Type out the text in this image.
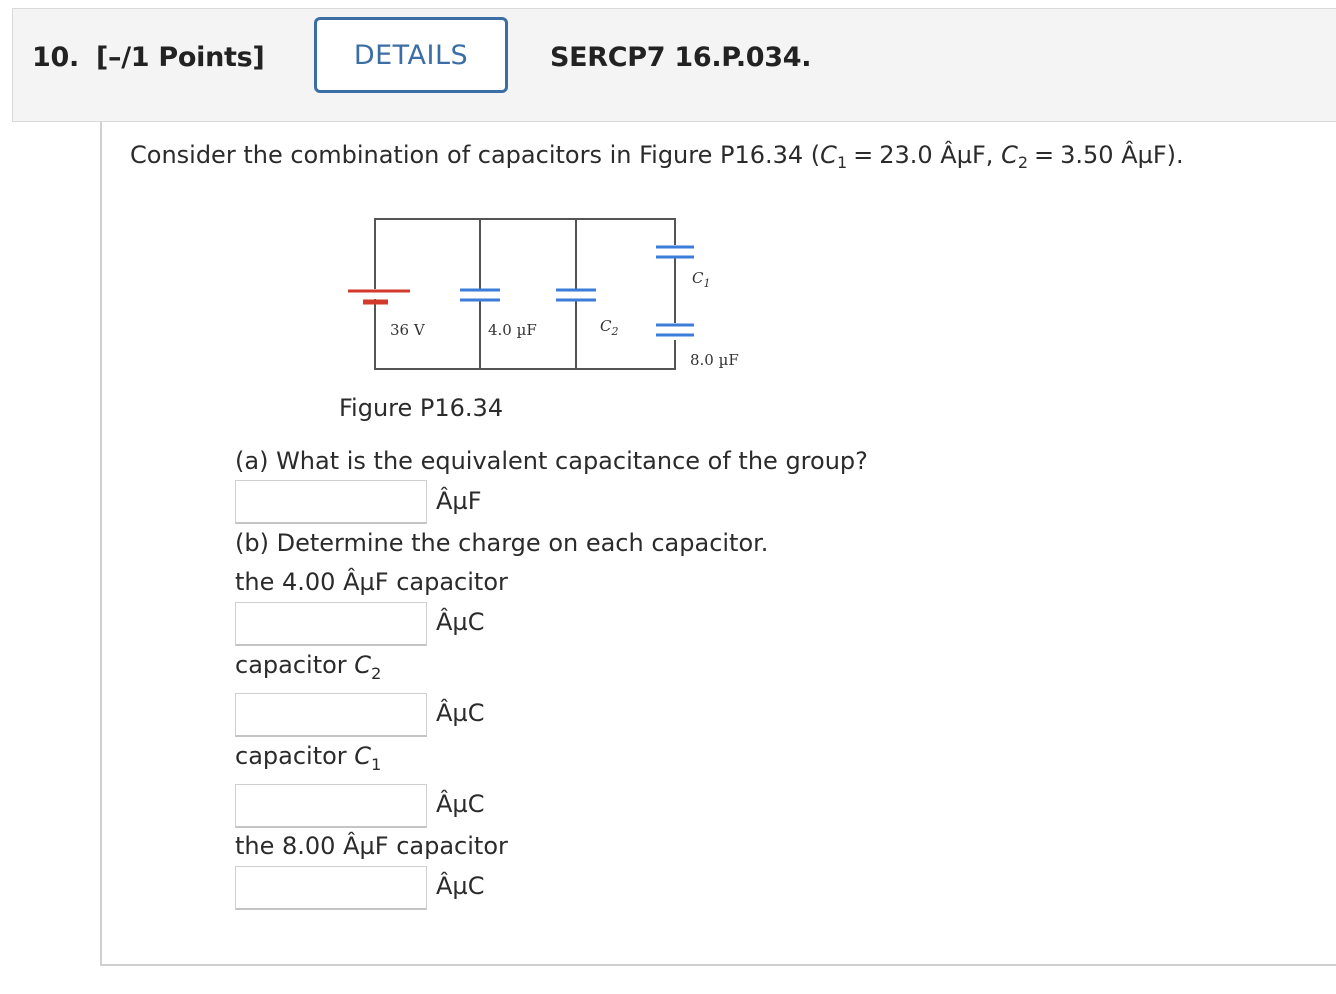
10. [–/1 Points]	DETAILS	SERCP7 16.P.034.
Consider the combination of capacitors in Figure P16.34 ($C_1 = 23.0$ ÂµF, $C_2 = 3.50$ ÂµF).
36 V	4.0 µF	$C_2$
$C_1$
8.0 µF
Figure P16.34
(a) What is the equivalent capacitance of the group?
ÂµF
(b) Determine the charge on each capacitor.
the 4.00 ÂµF capacitor
ÂµC
capacitor $C_2$
ÂµC
capacitor $C_1$
ÂµC
the 8.00 ÂµF capacitor
ÂµC
